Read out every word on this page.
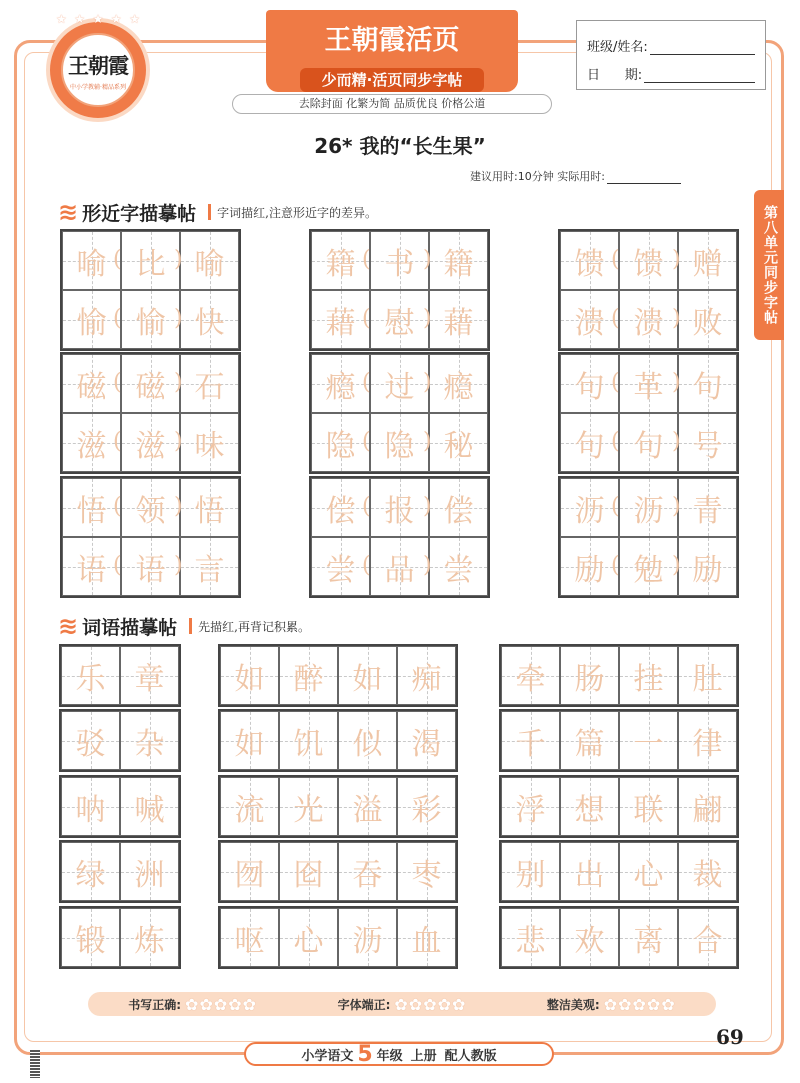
王朝霞
中小学教辅·精品系列
★ ★ ★ ★ ★
王朝霞活页
少而精·活页同步字帖
去除封面 化繁为简 品质优良 价格公道
班级/姓名:
日      期:
26* 我的“长生果”
建议用时:10分钟 实际用时:
第八单元同步字帖
≋ 形近字描摹帖 字词描红,注意形近字的差异。
喻 比 喻
愉 愉 快
( )
( )
籍 书 籍
藉 慰 藉
( )
( )
馈 馈 赠
溃 溃 败
( )
( )
磁 磁 石
滋 滋 味
( )
( )
瘾 过 瘾
隐 隐 秘
( )
( )
句 革 句
句 句 号
( )
( )
悟 领 悟
语 语 言
( )
( )
偿 报 偿
尝 品 尝
( )
( )
沥 沥 青
励 勉 励
( )
( )
≋ 词语描摹帖 先描红,再背记积累。
乐 章 如 醉 如 痴 牵 肠 挂 肚
驳 杂 如 饥 似 渴 千 篇 一 律
呐 喊 流 光 溢 彩 浮 想 联 翩
绿 洲 囫 囵 吞 枣 别 出 心 裁
锻 炼 呕 心 沥 血 悲 欢 离 合
书写正确: ✿✿✿✿✿	字体端正: ✿✿✿✿✿	整洁美观: ✿✿✿✿✿
小学语文 5 年级 上册 配人教版
69
